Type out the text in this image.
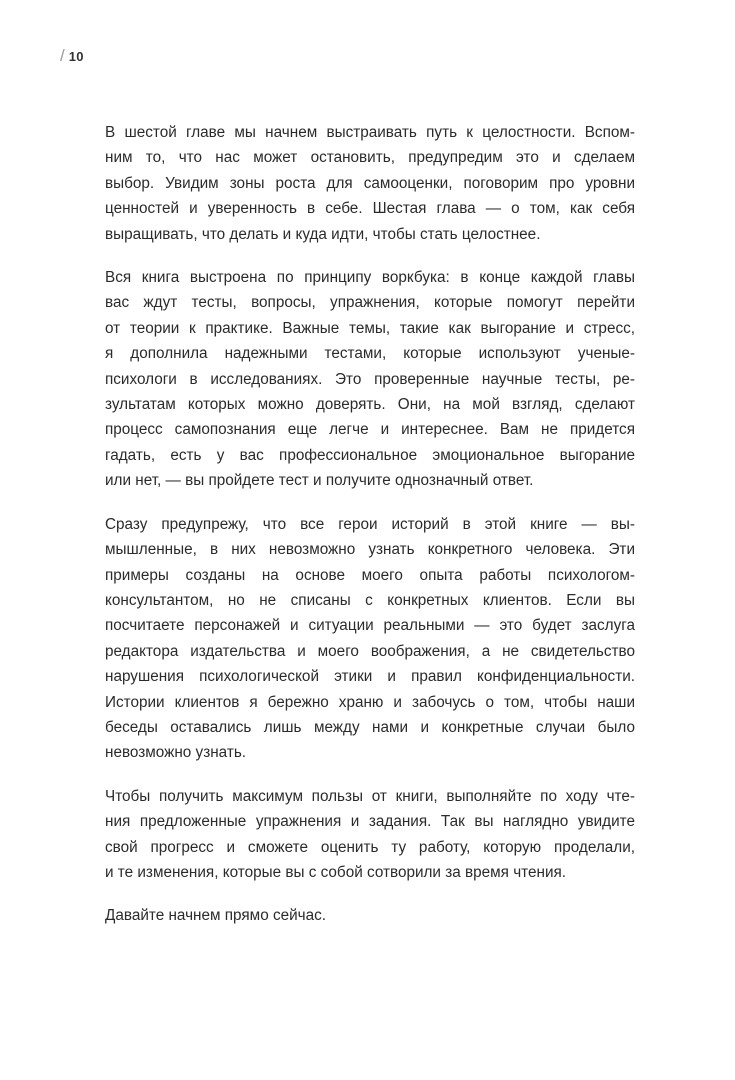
/ 10

В шестой главе мы начнем выстраивать путь к целостности. Вспом-
ним то, что нас может остановить, предупредим это и сделаем
выбор. Увидим зоны роста для самооценки, поговорим про уровни
ценностей и уверенность в себе. Шестая глава — о том, как себя
выращивать, что делать и куда идти, чтобы стать целостнее.

Вся книга выстроена по принципу воркбука: в конце каждой главы
вас ждут тесты, вопросы, упражнения, которые помогут перейти
от теории к практике. Важные темы, такие как выгорание и стресс,
я дополнила надежными тестами, которые используют ученые-
психологи в исследованиях. Это проверенные научные тесты, ре-
зультатам которых можно доверять. Они, на мой взгляд, сделают
процесс самопознания еще легче и интереснее. Вам не придется
гадать, есть у вас профессиональное эмоциональное выгорание
или нет, — вы пройдете тест и получите однозначный ответ.

Сразу предупрежу, что все герои историй в этой книге — вы-
мышленные, в них невозможно узнать конкретного человека. Эти
примеры созданы на основе моего опыта работы психологом-
консультантом, но не списаны с конкретных клиентов. Если вы
посчитаете персонажей и ситуации реальными — это будет заслуга
редактора издательства и моего воображения, а не свидетельство
нарушения психологической этики и правил конфиденциальности.
Истории клиентов я бережно храню и забочусь о том, чтобы наши
беседы оставались лишь между нами и конкретные случаи было
невозможно узнать.

Чтобы получить максимум пользы от книги, выполняйте по ходу чте-
ния предложенные упражнения и задания. Так вы наглядно увидите
свой прогресс и сможете оценить ту работу, которую проделали,
и те изменения, которые вы с собой сотворили за время чтения.

Давайте начнем прямо сейчас.
